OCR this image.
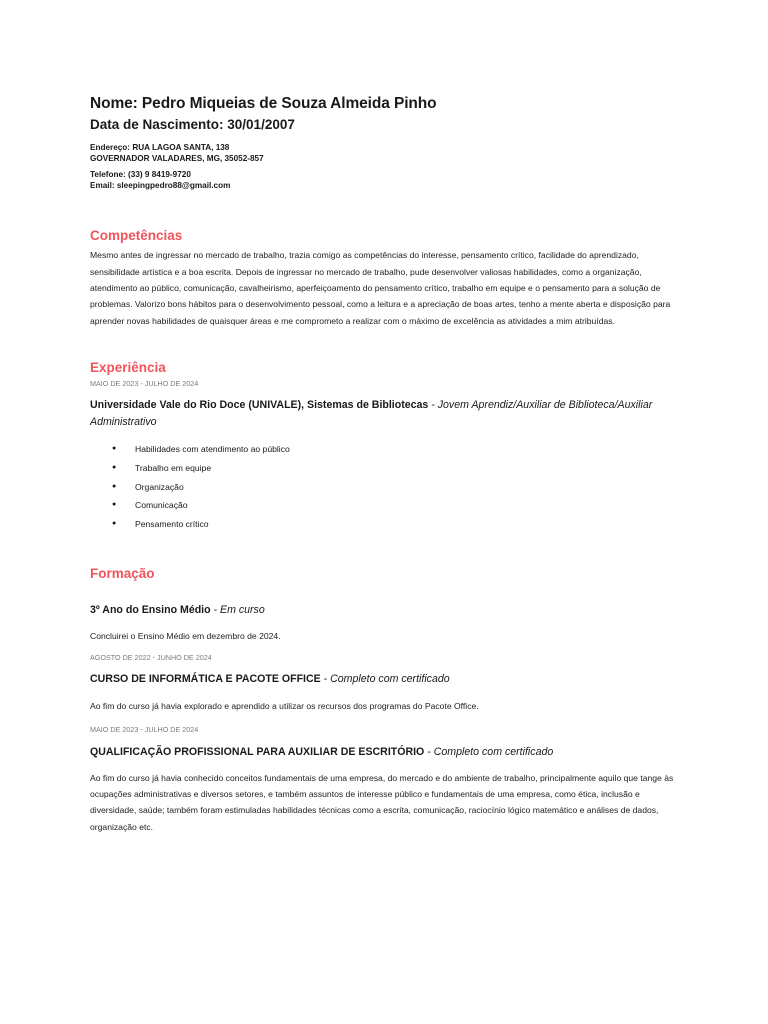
Nome: Pedro Miqueias de Souza Almeida Pinho

Data de Nascimento: 30/01/2007

Endereço: RUA LAGOA SANTA, 138
GOVERNADOR VALADARES, MG, 35052-857
Telefone: (33) 9 8419-9720
Email: sleepingpedro88@gmail.com
Competências

Mesmo antes de ingressar no mercado de trabalho, trazia comigo as competências do interesse, pensamento crítico, facilidade do aprendizado, sensibilidade artística e a boa escrita. Depois de ingressar no mercado de trabalho, pude desenvolver valiosas habilidades, como a organização, atendimento ao público, comunicação, cavalheirismo, aperfeiçoamento do pensamento crítico, trabalho em equipe e o pensamento para a solução de problemas. Valorizo bons hábitos para o desenvolvimento pessoal, como a leitura e a apreciação de boas artes, tenho a mente aberta e disposição para aprender novas habilidades de quaisquer áreas e me comprometo a realizar com o máximo de excelência as atividades a mim atribuídas.

Experiência

MAIO DE 2023 - JULHO DE 2024

Universidade Vale do Rio Doce (UNIVALE), Sistemas de Bibliotecas - Jovem Aprendiz/Auxiliar de Biblioteca/Auxiliar Administrativo

● Habilidades com atendimento ao público
● Trabalho em equipe
● Organização
● Comunicação
● Pensamento crítico
Formação

3º Ano do Ensino Médio - Em curso

Concluirei o Ensino Médio em dezembro de 2024.

AGOSTO DE 2022 - JUNHO DE 2024

CURSO DE INFORMÁTICA E PACOTE OFFICE - Completo com certificado

Ao fim do curso já havia explorado e aprendido a utilizar os recursos dos programas do Pacote Office.

MAIO DE 2023 - JULHO DE 2024

QUALIFICAÇÃO PROFISSIONAL PARA AUXILIAR DE ESCRITÓRIO - Completo com certificado

Ao fim do curso já havia conhecido conceitos fundamentais de uma empresa, do mercado e do ambiente de trabalho, principalmente aquilo que tange às ocupações administrativas e diversos setores, e também assuntos de interesse público e fundamentais de uma empresa, como ética, inclusão e diversidade, saúde; também foram estimuladas habilidades técnicas como a escrita, comunicação, raciocínio lógico matemático e análises de dados, organização etc.
